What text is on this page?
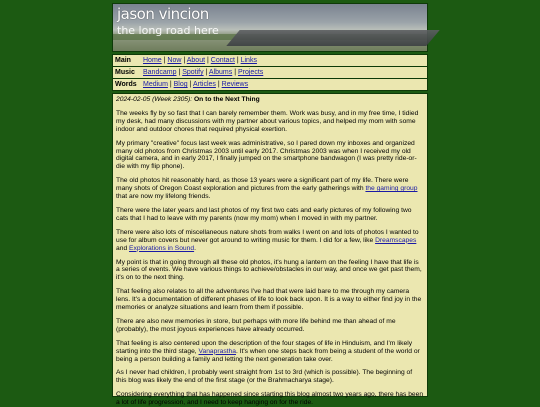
jason vincion
the long road here
Main	Home | Now | About | Contact | Links
Music	Bandcamp | Spotify | Albums | Projects
Words Medium | Blog | Articles | Reviews

2024-02-05 (Week 2305): On to the Next Thing

The weeks fly by so fast that I can barely remember them. Work was busy, and in my free time, I tidied my desk, had many discussions with my partner about various topics, and helped my mom with some indoor and outdoor chores that required physical exertion.

My primary "creative" focus last week was administrative, so I pared down my inboxes and organized many old photos from Christmas 2003 until early 2017. Christmas 2003 was when I received my old digital camera, and in early 2017, I finally jumped on the smartphone bandwagon (I was pretty ride-or-die with my flip phone).

The old photos hit reasonably hard, as those 13 years were a significant part of my life. There were many shots of Oregon Coast exploration and pictures from the early gatherings with the gaming group that are now my lifelong friends.

There were the later years and last photos of my first two cats and early pictures of my following two cats that I had to leave with my parents (now my mom) when I moved in with my partner.

There were also lots of miscellaneous nature shots from walks I went on and lots of photos I wanted to use for album covers but never got around to writing music for them. I did for a few, like Dreamscapes and Explorations in Sound.

My point is that in going through all these old photos, it's hung a lantern on the feeling I have that life is a series of events. We have various things to achieve/obstacles in our way, and once we get past them, it's on to the next thing.

That feeling also relates to all the adventures I've had that were laid bare to me through my camera lens. It's a documentation of different phases of life to look back upon. It is a way to either find joy in the memories or analyze situations and learn from them if possible.

There are also new memories in store, but perhaps with more life behind me than ahead of me (probably), the most joyous experiences have already occurred.

That feeling is also centered upon the description of the four stages of life in Hinduism, and I'm likely starting into the third stage, Vanaprastha. It's when one steps back from being a student of the world or being a person building a family and letting the next generation take over.

As I never had children, I probably went straight from 1st to 3rd (which is possible). The beginning of this blog was likely the end of the first stage (or the Brahmacharya stage).

Considering everything that has happened since starting this blog almost two years ago, there has been a lot of life progression, and I need to keep hanging on for the ride.
